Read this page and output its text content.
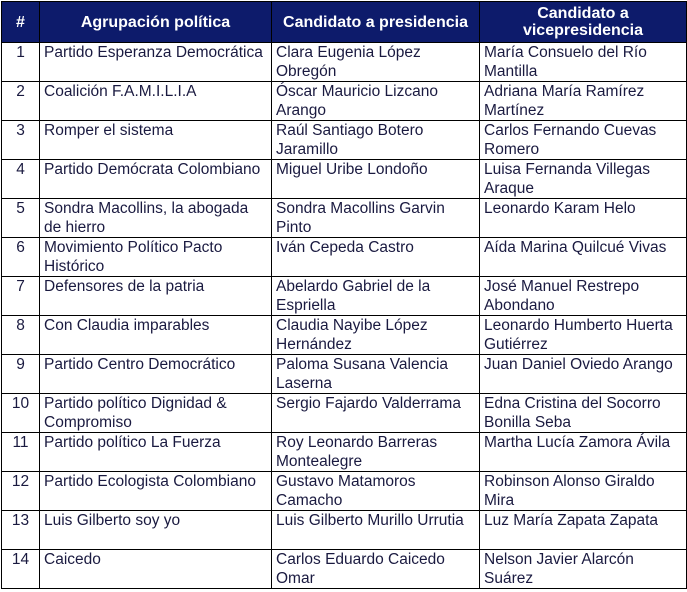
#	Agrupación política	Candidato a presidencia	Candidato a vicepresidencia
1	Partido Esperanza Democrática	Clara Eugenia López Obregón	María Consuelo del Río Mantilla
2	Coalición F.A.M.I.L.I.A	Óscar Mauricio Lizcano Arango	Adriana María Ramírez Martínez
3	Romper el sistema	Raúl Santiago Botero Jaramillo	Carlos Fernando Cuevas Romero
4	Partido Demócrata Colombiano	Miguel Uribe Londoño	Luisa Fernanda Villegas Araque
5	Sondra Macollins, la abogada de hierro	Sondra Macollins Garvin Pinto	Leonardo Karam Helo
6	Movimiento Político Pacto Histórico	Iván Cepeda Castro	Aída Marina Quilcué Vivas
7	Defensores de la patria	Abelardo Gabriel de la Espriella	José Manuel Restrepo Abondano
8	Con Claudia imparables	Claudia Nayibe López Hernández	Leonardo Humberto Huerta Gutiérrez
9	Partido Centro Democrático	Paloma Susana Valencia Laserna	Juan Daniel Oviedo Arango
10	Partido político Dignidad & Compromiso	Sergio Fajardo Valderrama	Edna Cristina del Socorro Bonilla Seba
11	Partido político La Fuerza	Roy Leonardo Barreras Montealegre	Martha Lucía Zamora Ávila
12	Partido Ecologista Colombiano	Gustavo Matamoros Camacho	Robinson Alonso Giraldo Mira
13	Luis Gilberto soy yo	Luis Gilberto Murillo Urrutia	Luz María Zapata Zapata
14	Caicedo	Carlos Eduardo Caicedo Omar	Nelson Javier Alarcón Suárez
